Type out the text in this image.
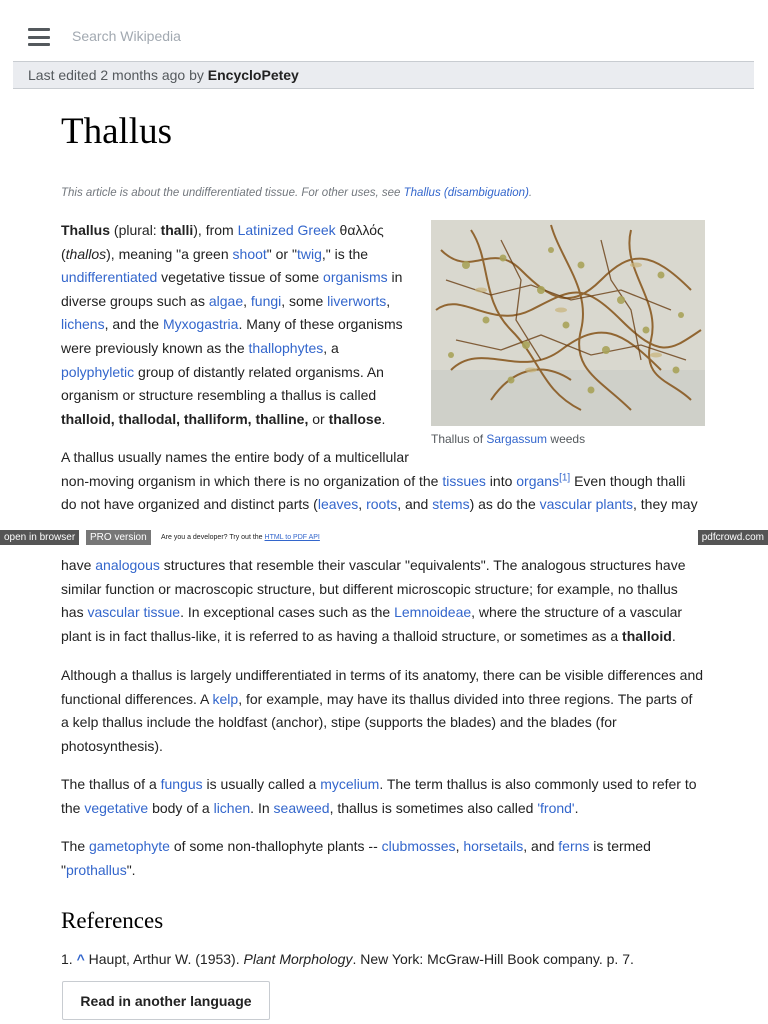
Search Wikipedia
Last edited 2 months ago by EncycloPetey
Thallus
This article is about the undifferentiated tissue. For other uses, see Thallus (disambiguation).
Thallus (plural: thalli), from Latinized Greek θαλλός
(thallos), meaning "a green shoot" or "twig," is the
undifferentiated vegetative tissue of some organisms in
diverse groups such as algae, fungi, some liverworts,
lichens, and the Myxogastria. Many of these organisms
were previously known as the thallophytes, a
polyphyletic group of distantly related organisms. An
organism or structure resembling a thallus is called
thalloid, thallodal, thalliform, thalline, or thallose.
Thallus of Sargassum weeds
A thallus usually names the entire body of a multicellular
non-moving organism in which there is no organization of the tissues into organs[1] Even though thalli
do not have organized and distinct parts (leaves, roots, and stems) as do the vascular plants, they may
open in browser	PRO version	Are you a developer? Try out the HTML to PDF API	pdfcrowd.com
have analogous structures that resemble their vascular "equivalents". The analogous structures have
similar function or macroscopic structure, but different microscopic structure; for example, no thallus
has vascular tissue. In exceptional cases such as the Lemnoideae, where the structure of a vascular
plant is in fact thallus-like, it is referred to as having a thalloid structure, or sometimes as a thalloid.
Although a thallus is largely undifferentiated in terms of its anatomy, there can be visible differences and
functional differences. A kelp, for example, may have its thallus divided into three regions. The parts of
a kelp thallus include the holdfast (anchor), stipe (supports the blades) and the blades (for
photosynthesis).
The thallus of a fungus is usually called a mycelium. The term thallus is also commonly used to refer to
the vegetative body of a lichen. In seaweed, thallus is sometimes also called 'frond'.
The gametophyte of some non-thallophyte plants -- clubmosses, horsetails, and ferns is termed
"prothallus".
References
1. ^ Haupt, Arthur W. (1953). Plant Morphology. New York: McGraw-Hill Book company. p. 7.
Read in another language
